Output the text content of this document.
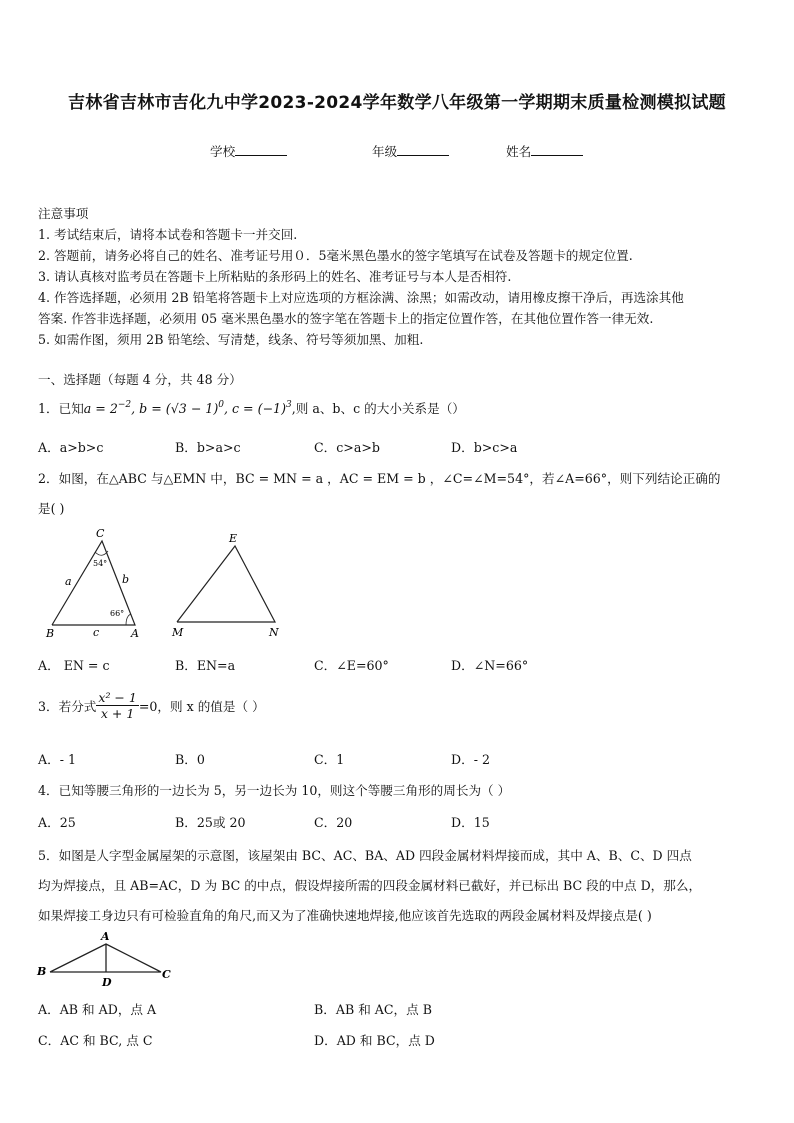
吉林省吉林市吉化九中学2023-2024学年数学八年级第一学期期末质量检测模拟试题
学校	年级	姓名
注意事项
1. 考试结束后，请将本试卷和答题卡一并交回.
2. 答题前，请务必将自己的姓名、准考证号用０．5毫米黑色墨水的签字笔填写在试卷及答题卡的规定位置.
3. 请认真核对监考员在答题卡上所粘贴的条形码上的姓名、准考证号与本人是否相符.
4. 作答选择题，必须用 2B 铅笔将答题卡上对应选项的方框涂满、涂黑；如需改动，请用橡皮擦干净后，再选涂其他
答案. 作答非选择题，必须用 05 毫米黑色墨水的签字笔在答题卡上的指定位置作答，在其他位置作答一律无效.
5. 如需作图，须用 2B 铅笔绘、写清楚，线条、符号等须加黑、加粗.
一、选择题（每题 4 分，共 48 分）
1．已知$a = 2^{-2}$, $b = (√3 - 1)^0$, $c = (-1)^3$,则 a、b、c 的大小关系是（）
A．a>b>c	B．b>a>c	C．c>a>b	D．b>c>a
2．如图，在△ABC 与△EMN 中，BC = MN = a ，AC = EM = b ，∠C=∠M=54°，若∠A=66°，则下列结论正确的
是( )
C
54°
a	b
66°
B	c	A
E
M	N
A． EN = c	B．EN=a	C．∠E=60°	D．∠N=66°
3．若分式 $\frac{\text{x² − 1}}{x + 1} =0$，则 x 的值是（ ）
A．- 1	B．0	C．1	D．- 2
4．已知等腰三角形的一边长为 5，另一边长为 10，则这个等腰三角形的周长为（ ）
A．25	B．25或 20	C．20	D．15
5．如图是人字型金属屋架的示意图，该屋架由 BC、AC、BA、AD 四段金属材料焊接而成，其中 A、B、C、D 四点
均为焊接点，且 AB=AC，D 为 BC 的中点，假设焊接所需的四段金属材料已截好，并已标出 BC 段的中点 D，那么，
如果焊接工身边只有可检验直角的角尺,而又为了准确快速地焊接,他应该首先选取的两段金属材料及焊接点是( )
A
B	C
D
A．AB 和 AD，点 A	B．AB 和 AC，点 B
C．AC 和 BC, 点 C	D．AD 和 BC，点 D
